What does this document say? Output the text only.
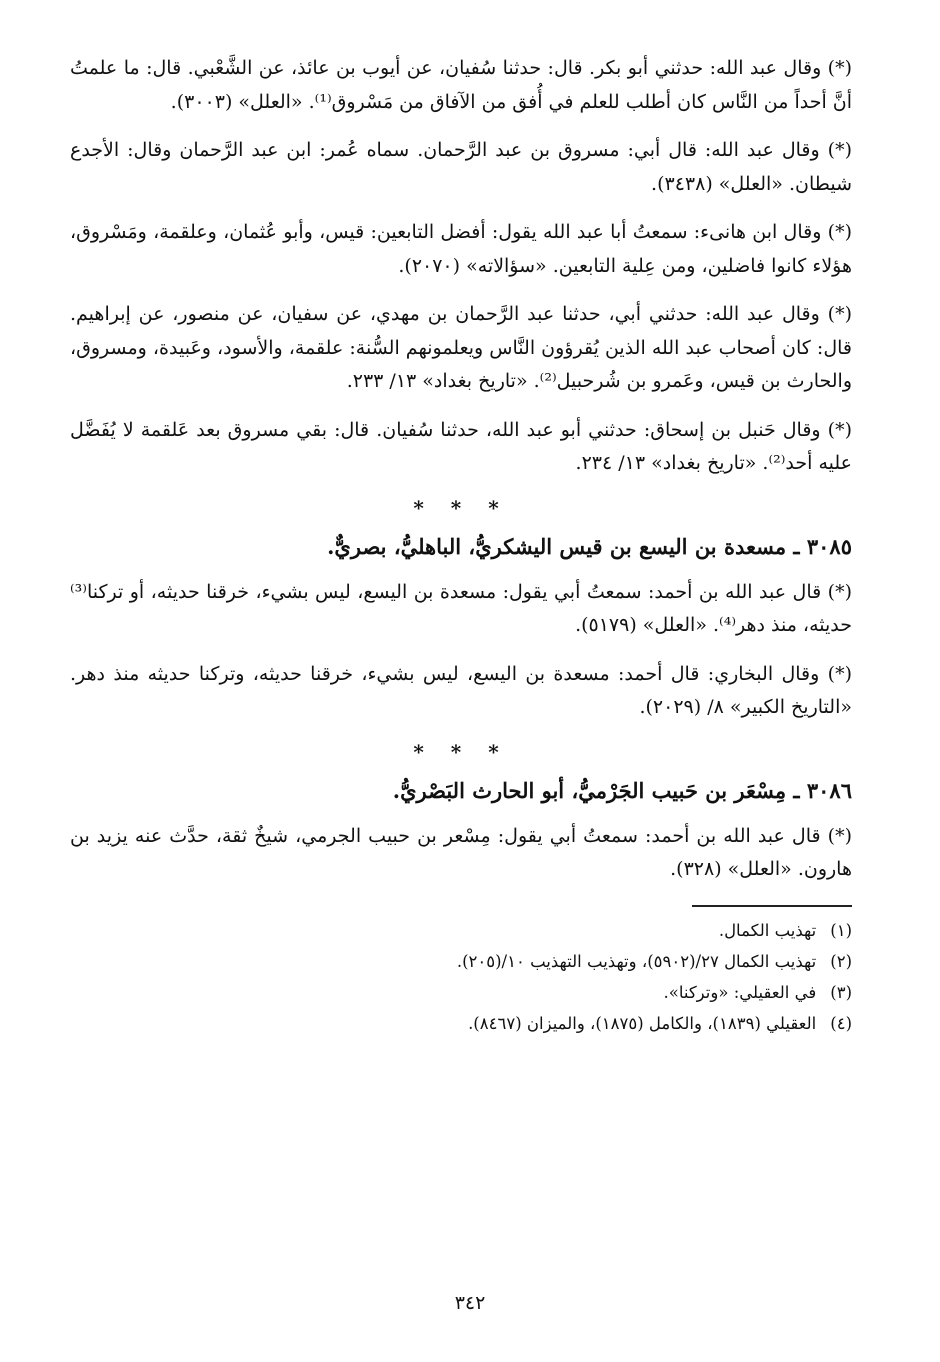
(*) وقال عبد الله: حدثني أبو بكر. قال: حدثنا سُفيان، عن أيوب بن عائذ، عن الشَّعْبي. قال: ما علمتُ أنَّ أحداً من النَّاس كان أطلب للعلم في أُفق من الآفاق من مَسْروق⁽¹⁾. «العلل» (٣٠٠٣).

(*) وقال عبد الله: قال أبي: مسروق بن عبد الرَّحمان. سماه عُمر: ابن عبد الرَّحمان وقال: الأجدع شيطان. «العلل» (٣٤٣٨).

(*) وقال ابن هانىء: سمعتُ أبا عبد الله يقول: أفضل التابعين: قيس، وأبو عُثمان، وعلقمة، ومَسْروق، هؤلاء كانوا فاضلين، ومن عِلية التابعين. «سؤالاته» (٢٠٧٠).

(*) وقال عبد الله: حدثني أبي، حدثنا عبد الرَّحمان بن مهدي، عن سفيان، عن منصور، عن إبراهيم. قال: كان أصحاب عبد الله الذين يُقرؤون النَّاس ويعلمونهم السُّنة: علقمة، والأسود، وعَبيدة، ومسروق، والحارث بن قيس، وعَمرو بن شُرحبيل⁽²⁾. «تاريخ بغداد» ١٣/ ٢٣٣.

(*) وقال حَنبل بن إسحاق: حدثني أبو عبد الله، حدثنا سُفيان. قال: بقي مسروق بعد عَلقمة لا يُفَضَّل عليه أحد⁽²⁾. «تاريخ بغداد» ١٣/ ٢٣٤.

* * *
٣٠٨٥ ـ مسعدة بن اليسع بن قيس اليشكريُّ، الباهليُّ، بصريٌّ.

(*) قال عبد الله بن أحمد: سمعتُ أبي يقول: مسعدة بن اليسع، ليس بشيء، خرقنا حديثه، أو تركنا⁽³⁾ حديثه، منذ دهر⁽⁴⁾. «العلل» (٥١٧٩).

(*) وقال البخاري: قال أحمد: مسعدة بن اليسع، ليس بشيء، خرقنا حديثه، وتركنا حديثه منذ دهر. «التاريخ الكبير» ٨/ (٢٠٢٩).

* * *
٣٠٨٦ ـ مِسْعَر بن حَبيب الجَرْميُّ، أبو الحارث البَصْريُّ.

(*) قال عبد الله بن أحمد: سمعتُ أبي يقول: مِسْعر بن حبيب الجرمي، شيخٌ ثقة، حدَّث عنه يزيد بن هارون. «العلل» (٣٢٨).

(١)
تهذيب الكمال.
(٢)
تهذيب الكمال ٢٧/(٥٩٠٢)، وتهذيب التهذيب ١٠/(٢٠٥).
(٣)
في العقيلي: «وتركنا».
(٤)
العقيلي (١٨٣٩)، والكامل (١٨٧٥)، والميزان (٨٤٦٧).
٣٤٢
